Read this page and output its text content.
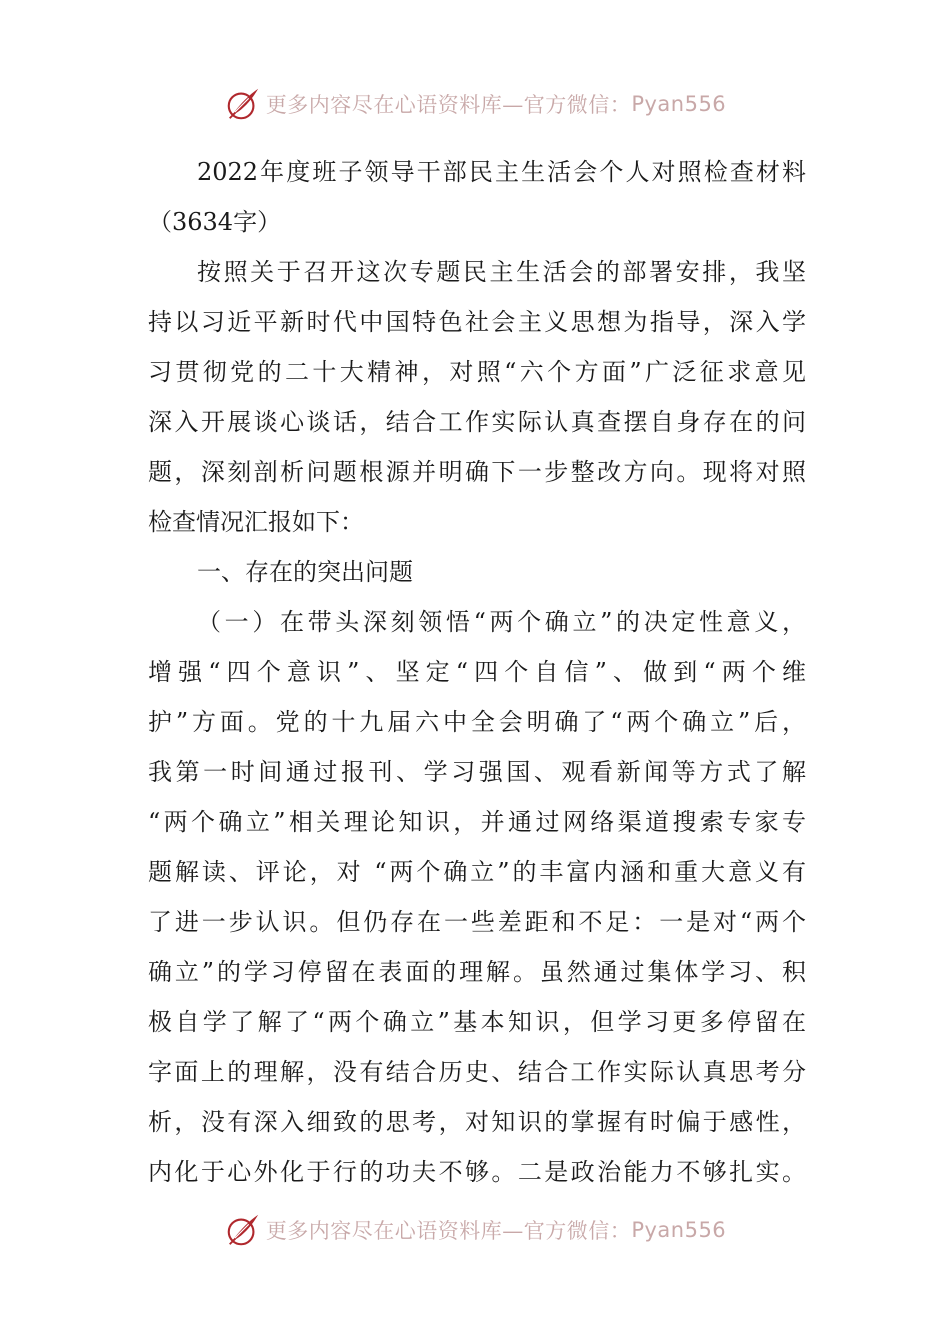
更多内容尽在心语资料库—官方微信： Pyan556
2022年度班子领导干部民主生活会个人对照检查材料
（3634字）
按照关于召开这次专题民主生活会的部署安排，我坚
持以习近平新时代中国特色社会主义思想为指导，深入学
习贯彻党的二十大精神，对照“六个方面”广泛征求意见
深入开展谈心谈话，结合工作实际认真查摆自身存在的问
题，深刻剖析问题根源并明确下一步整改方向。现将对照
检查情况汇报如下：
一、存在的突出问题
（一）在带头深刻领悟“两个确立”的决定性意义，
增强“四个意识”、坚定“四个自信”、做到“两个维
护”方面。党的十九届六中全会明确了“两个确立”后，
我第一时间通过报刊、学习强国、观看新闻等方式了解
“两个确立”相关理论知识，并通过网络渠道搜索专家专
题解读、评论，对 “两个确立”的丰富内涵和重大意义有
了进一步认识。但仍存在一些差距和不足：一是对“两个
确立”的学习停留在表面的理解。虽然通过集体学习、积
极自学了解了“两个确立”基本知识，但学习更多停留在
字面上的理解，没有结合历史、结合工作实际认真思考分
析，没有深入细致的思考，对知识的掌握有时偏于感性，
内化于心外化于行的功夫不够。二是政治能力不够扎实。
更多内容尽在心语资料库—官方微信： Pyan556
